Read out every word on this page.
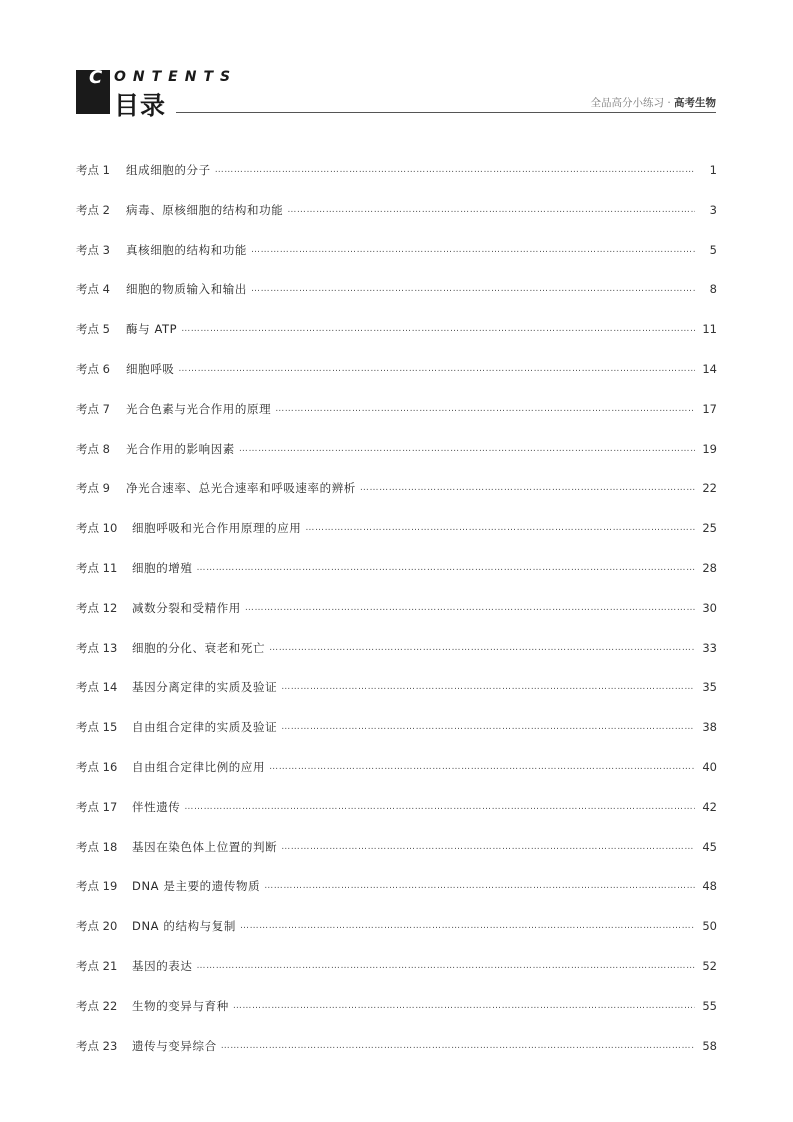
C ONTENTS
目录	全品高分小练习 · 高考生物
考点 1	组成细胞的分子 …………………………………………………………………………………………………………………………………………………………………………………………………………	1
考点 2	病毒、原核细胞的结构和功能 …………………………………………………………………………………………………………………………………………………………………………………………………………	3
考点 3	真核细胞的结构和功能 …………………………………………………………………………………………………………………………………………………………………………………………………………	5
考点 4	细胞的物质输入和输出 …………………………………………………………………………………………………………………………………………………………………………………………………………	8
考点 5	酶与 ATP …………………………………………………………………………………………………………………………………………………………………………………………………………	11
考点 6	细胞呼吸 …………………………………………………………………………………………………………………………………………………………………………………………………………	14
考点 7	光合色素与光合作用的原理 …………………………………………………………………………………………………………………………………………………………………………………………………………	17
考点 8	光合作用的影响因素 …………………………………………………………………………………………………………………………………………………………………………………………………………	19
考点 9	净光合速率、总光合速率和呼吸速率的辨析 …………………………………………………………………………………………………………………………………………………………………………………………………………	22
考点 10	细胞呼吸和光合作用原理的应用 …………………………………………………………………………………………………………………………………………………………………………………………………………	25
考点 11	细胞的增殖 …………………………………………………………………………………………………………………………………………………………………………………………………………	28
考点 12	减数分裂和受精作用 …………………………………………………………………………………………………………………………………………………………………………………………………………	30
考点 13	细胞的分化、衰老和死亡 …………………………………………………………………………………………………………………………………………………………………………………………………………	33
考点 14	基因分离定律的实质及验证 …………………………………………………………………………………………………………………………………………………………………………………………………………	35
考点 15	自由组合定律的实质及验证 …………………………………………………………………………………………………………………………………………………………………………………………………………	38
考点 16	自由组合定律比例的应用 …………………………………………………………………………………………………………………………………………………………………………………………………………	40
考点 17	伴性遗传 …………………………………………………………………………………………………………………………………………………………………………………………………………	42
考点 18	基因在染色体上位置的判断 …………………………………………………………………………………………………………………………………………………………………………………………………………	45
考点 19	DNA 是主要的遗传物质 …………………………………………………………………………………………………………………………………………………………………………………………………………	48
考点 20	DNA 的结构与复制 …………………………………………………………………………………………………………………………………………………………………………………………………………	50
考点 21	基因的表达 …………………………………………………………………………………………………………………………………………………………………………………………………………	52
考点 22	生物的变异与育种 …………………………………………………………………………………………………………………………………………………………………………………………………………	55
考点 23	遗传与变异综合 …………………………………………………………………………………………………………………………………………………………………………………………………………	58
